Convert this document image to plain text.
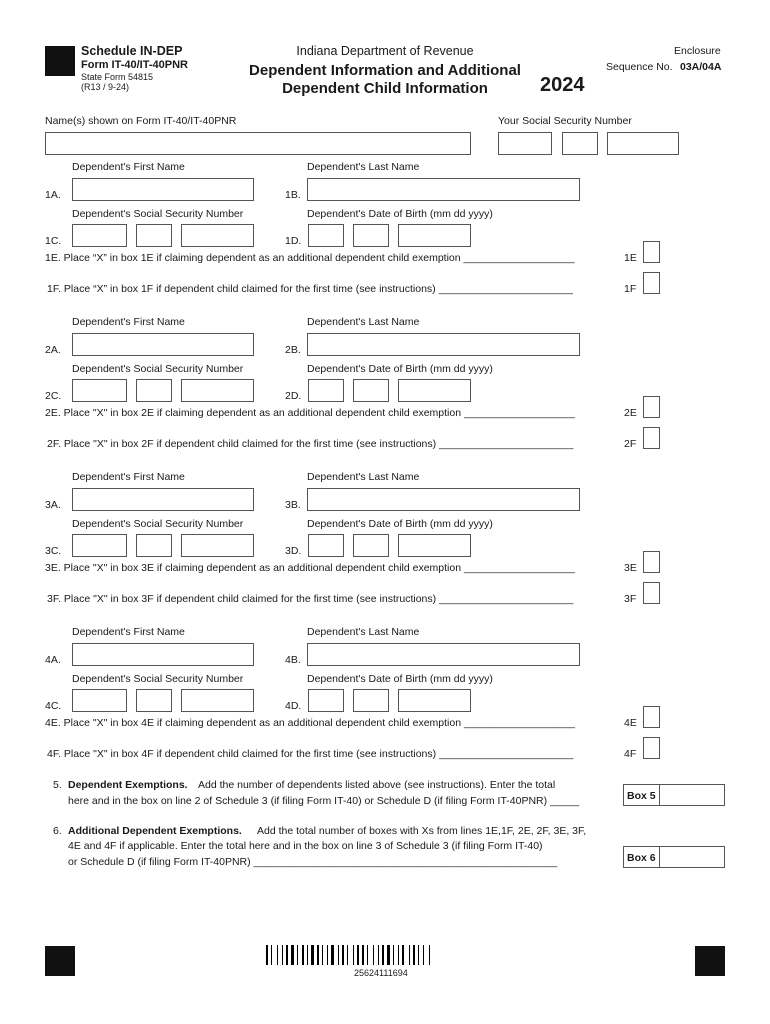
Schedule IN-DEP
Form IT-40/IT-40PNR
State Form 54815
(R13 / 9-24)
Indiana Department of Revenue
Dependent Information and Additional
Dependent Child Information	2024
Enclosure
Sequence No. 03A/04A
Name(s) shown on Form IT-40/IT-40PNR	Your Social Security Number
Dependent's First Name	Dependent's Last Name
1A.	1B.
Dependent's Social Security Number	Dependent's Date of Birth (mm dd yyyy)
1C.	1D.
1E. Place “X” in box 1E if claiming dependent as an additional dependent child exemption ___________________	1E
1F. Place “X” in box 1F if dependent child claimed for the first time (see instructions) _______________________	1F
Dependent's First Name	Dependent's Last Name
2A.	2B.
Dependent's Social Security Number	Dependent's Date of Birth (mm dd yyyy)
2C.	2D.
2E. Place "X" in box 2E if claiming dependent as an additional dependent child exemption ___________________	2E
2F. Place "X" in box 2F if dependent child claimed for the first time (see instructions) _______________________	2F
Dependent's First Name	Dependent's Last Name
3A.	3B.
Dependent's Social Security Number	Dependent's Date of Birth (mm dd yyyy)
3C.	3D.
3E. Place "X" in box 3E if claiming dependent as an additional dependent child exemption ___________________	3E
3F. Place "X" in box 3F if dependent child claimed for the first time (see instructions) _______________________	3F
Dependent's First Name	Dependent's Last Name
4A.	4B.
Dependent's Social Security Number	Dependent's Date of Birth (mm dd yyyy)
4C.	4D.
4E. Place "X" in box 4E if claiming dependent as an additional dependent child exemption ___________________	4E
4F. Place "X" in box 4F if dependent child claimed for the first time (see instructions) _______________________	4F
5. Dependent Exemptions. Add the number of dependents listed above (see instructions). Enter the total
here and in the box on line 2 of Schedule 3 (if filing Form IT-40) or Schedule D (if filing Form IT-40PNR) _____	Box 5
6. Additional Dependent Exemptions. Add the total number of boxes with Xs from lines 1E,1F, 2E, 2F, 3E, 3F,
4E and 4F if applicable. Enter the total here and in the box on line 3 of Schedule 3 (if filing Form IT-40)
or Schedule D (if filing Form IT-40PNR) ____________________________________________________	Box 6
25624111694
